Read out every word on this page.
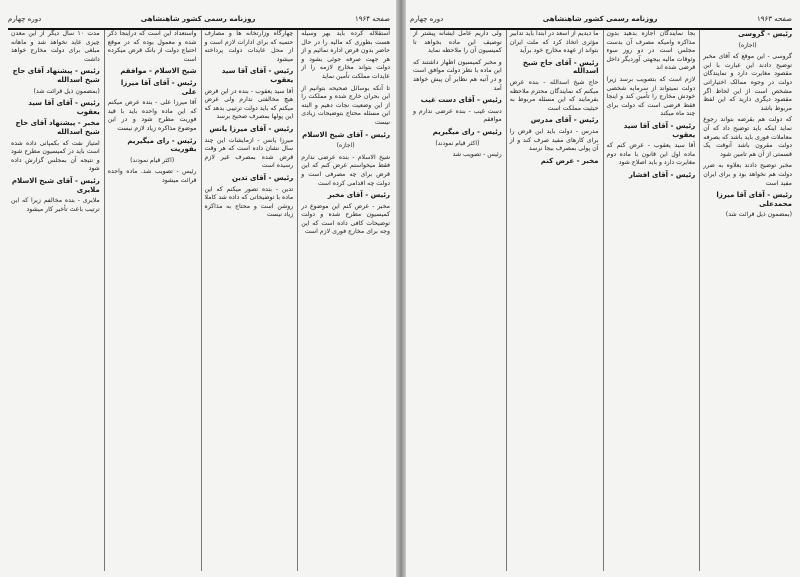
صفحه ۱۹۶۴
روزنامه رسمی کشور شاهنشاهی
دوره چهارم

استقلاله کرده باید بهر وسیله هست بطوری که مالیه را در حال حاضر بدون قرض اداره نمائیم و از هر جهت صرفه جوئی بشود و دولت بتواند مخارج لازمه را از عایدات مملکت تأمین نماید

تا آنکه بوسائل صحیحه بتوانیم از این بحران خارج شده و مملکت را از این وضعیت نجات دهیم و البته این مسئله محتاج بتوضیحات زیادی نیست

رئیس - آقای شیخ الاسلام

(اجازه)

شیخ الاسلام - بنده عرضی ندارم فقط میخواستم عرض کنم که این قرض برای چه مصرفی است و دولت چه اقدامی کرده است

رئیس - آقای مخبر

مخبر - عرض کنم این موضوع در کمیسیون مطرح شده و دولت توضیحات کافی داده است که این وجه برای مخارج فوری لازم است

چهارگاه وزارتخانه ها و مصارف حتمیه که برای ادارات لازم است و از محل عایدات دولت پرداخته میشود

رئیس - آقای آقا سید یعقوب

آقا سید یعقوب - بنده در این قرض هیچ مخالفتی ندارم ولی عرض میکنم که باید دولت ترتیبی بدهد که این پولها بمصرف صحیح برسد

رئیس - آقای میرزا یانس

میرزا یانس - ازمایشات این چند سال نشان داده است که هر وقت قرض شده بمصرف غیر لازم رسیده است

رئیس - آقای تدین

تدین - بنده تصور میکنم که این ماده با توضیحاتی که داده شد کاملا روشن است و محتاج به مذاکره زیاد نیست

واستعداد این است که دراینجا ذکر شده و معمول بوده که در موقع احتیاج دولت از بانک قرض میکرده است

شیخ الاسلام - موافقم

رئیس - آقای آقا میرزا علی

آقا میرزا علی - بنده عرض میکنم که این ماده واحده باید با قید فوریت مطرح شود و در این موضوع مذاکره زیاد لازم نیست

رئیس - رای میگیریم بفوریت

(اکثر قیام نمودند)

رئیس - تصویب شد. ماده واحده قرائت میشود

مدت ۱۰ سال دیگر از این معدن چیزی عاید نخواهد شد و ماهانه مبلغی برای دولت مخارج خواهد داشت

رئیس - پیشنهاد آقای حاج شیخ اسدالله

(بمضمون ذیل قرائت شد)

رئیس - آقای آقا سید یعقوب

مخبر - پیشنهاد آقای حاج شیخ اسدالله

امتیاز نفت که بکمپانی داده شده است باید در کمیسیون مطرح شود و نتیجه آن بمجلس گزارش داده شود

رئیس - آقای شیخ الاسلام ملایری

ملایری - بنده مخالفم زیرا که این ترتیب باعث تأخیر کار میشود

صفحه ۱۹۶۳
روزنامه رسمی کشور شاهنشاهی
دوره چهارم

رئیس - گروسی

(اجازه)

گروسی - این موقع که آقای مخبر توضیح دادند این عبارت با این مقصود مغایرت دارد و نمایندگان دولت در وجوه ممالک اختیاراتی مشخص است از این لحاظ اگر مقصود دیگری دارید که این لفظ مربوط باشد

که دولت هم بقرضه بتواند رجوع نماید اینکه باید توضیح داد که آن معاملات فوری باید باشد که بصرفه دولت مقرون باشد آنوقت یک قسمتی از آن هم تامین شود

مخبر توضیح دادند بعلاوه به ضرر دولت هم نخواهد بود و برای ایران مفید است

رئیس - آقای آقا میرزا محمدعلی

(بمضمون ذیل قرائت شد)

بجا نمایندگان اجازه بدهید بدون مذاکره وامیکه مصرف آن بدست مجلس است در دو روز سوء وثوقات مالیه بیجهتی آوردیگر داخل قرضی شده اند

لازم است که بتصویب برسد زیرا دولت نمیتواند از سرمایه شخصی خودش مخارج را تأمین کند و اینجا فقط قرضی است که دولت برای چند ماه میکند

رئیس - آقای آقا سید یعقوب

آقا سید یعقوب - عرض کنم که ماده اول این قانون با ماده دوم مغایرت دارد و باید اصلاح شود

رئیس - آقای افشار

ما دیدیم از اسعد در ابتدا باید تدابیر مؤثری اتخاذ کرد که ملت ایران بتواند از عهده مخارج خود برآید

رئیس - آقای حاج شیخ اسدالله

حاج شیخ اسدالله - بنده عرض میکنم که نمایندگان محترم ملاحظه بفرمایند که این مسئله مربوط به حیثیت مملکت است

رئیس - آقای مدرس

مدرس - دولت باید این قرض را برای کارهای مفید صرف کند و از آن پولی بمصرف بیجا نرسد

مخبر - عرض کنم

ولی داریم عامل ایشانه پیشتر از توصیف این ماده بخواهد تا کمیسیون آن را ملاحظه نماید

و مخبر کمیسیون اظهار داشتند که این ماده با نظر دولت موافق است و در آتیه هم نظایر آن پیش خواهد آمد

رئیس - آقای دست غیب

دست غیب - بنده عرضی ندارم و موافقم

رئیس - رای میگیریم

(اکثر قیام نمودند)

رئیس - تصویب شد
